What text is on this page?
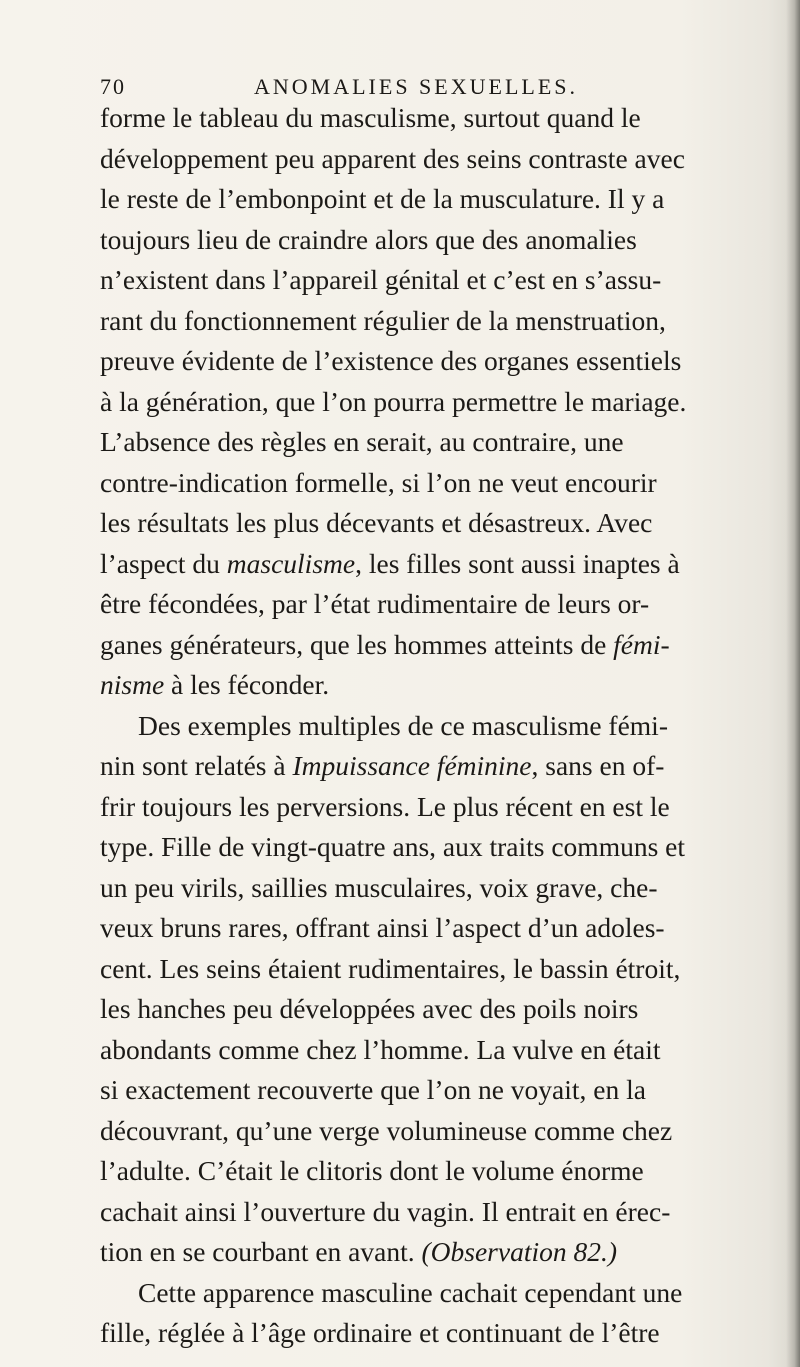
70	ANOMALIES SEXUELLES.
forme le tableau du masculisme, surtout quand le
développement peu apparent des seins contraste avec
le reste de l’embonpoint et de la musculature. Il y a
toujours lieu de craindre alors que des anomalies
n’existent dans l’appareil génital et c’est en s’assu-
rant du fonctionnement régulier de la menstruation,
preuve évidente de l’existence des organes essentiels
à la génération, que l’on pourra permettre le mariage.
L’absence des règles en serait, au contraire, une
contre-indication formelle, si l’on ne veut encourir
les résultats les plus décevants et désastreux. Avec
l’aspect du masculisme, les filles sont aussi inaptes à
être fécondées, par l’état rudimentaire de leurs or-
ganes générateurs, que les hommes atteints de fémi-
nisme à les féconder.
Des exemples multiples de ce masculisme fémi-
nin sont relatés à Impuissance féminine, sans en of-
frir toujours les perversions. Le plus récent en est le
type. Fille de vingt-quatre ans, aux traits communs et
un peu virils, saillies musculaires, voix grave, che-
veux bruns rares, offrant ainsi l’aspect d’un adoles-
cent. Les seins étaient rudimentaires, le bassin étroit,
les hanches peu développées avec des poils noirs
abondants comme chez l’homme. La vulve en était
si exactement recouverte que l’on ne voyait, en la
découvrant, qu’une verge volumineuse comme chez
l’adulte. C’était le clitoris dont le volume énorme
cachait ainsi l’ouverture du vagin. Il entrait en érec-
tion en se courbant en avant. (Observation 82.)
Cette apparence masculine cachait cependant une
fille, réglée à l’âge ordinaire et continuant de l’être
